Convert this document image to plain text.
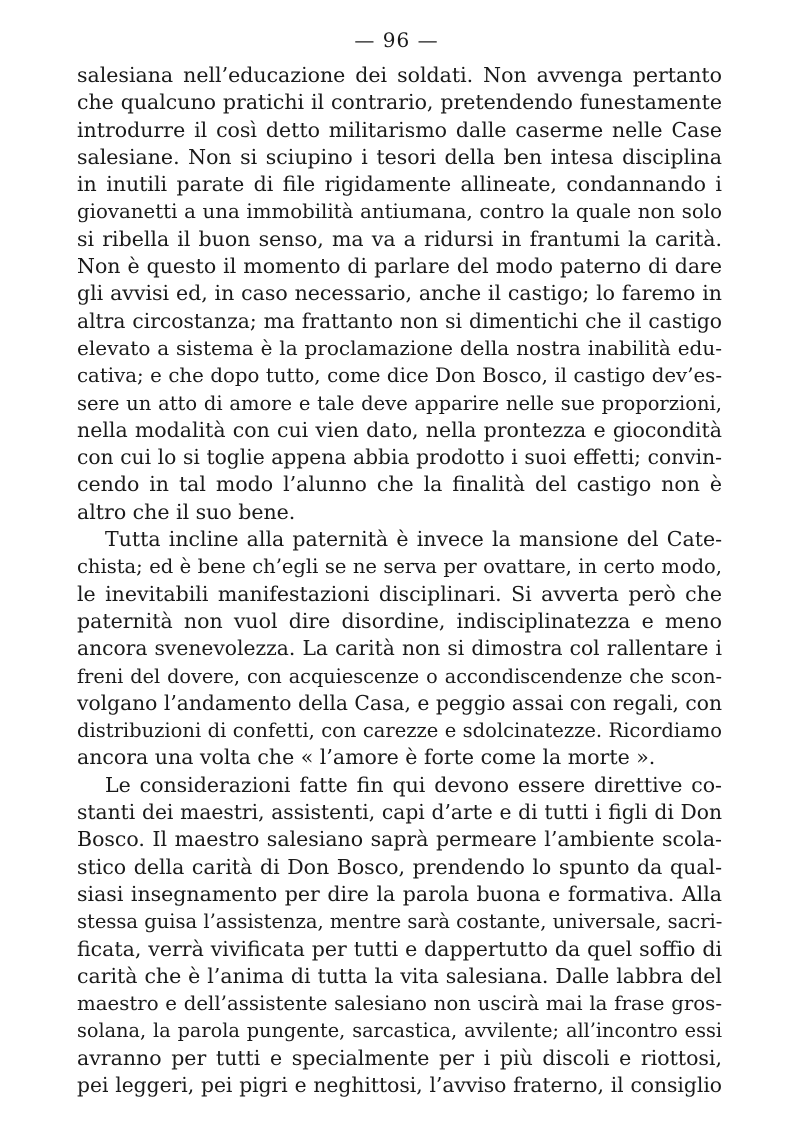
— 96 —
salesiana nell’educazione dei soldati. Non avvenga pertanto
che qualcuno pratichi il contrario, pretendendo funestamente
introdurre il così detto militarismo dalle caserme nelle Case
salesiane. Non si sciupino i tesori della ben intesa disciplina
in inutili parate di file rigidamente allineate, condannando i
giovanetti a una immobilità antiumana, contro la quale non solo
si ribella il buon senso, ma va a ridursi in frantumi la carità.
Non è questo il momento di parlare del modo paterno di dare
gli avvisi ed, in caso necessario, anche il castigo; lo faremo in
altra circostanza; ma frattanto non si dimentichi che il castigo
elevato a sistema è la proclamazione della nostra inabilità edu-
cativa; e che dopo tutto, come dice Don Bosco, il castigo dev’es-
sere un atto di amore e tale deve apparire nelle sue proporzioni,
nella modalità con cui vien dato, nella prontezza e giocondità
con cui lo si toglie appena abbia prodotto i suoi effetti; convin-
cendo in tal modo l’alunno che la finalità del castigo non è
altro che il suo bene.
Tutta incline alla paternità è invece la mansione del Cate-
chista; ed è bene ch’egli se ne serva per ovattare, in certo modo,
le inevitabili manifestazioni disciplinari. Si avverta però che
paternità non vuol dire disordine, indisciplinatezza e meno
ancora svenevolezza. La carità non si dimostra col rallentare i
freni del dovere, con acquiescenze o accondiscendenze che scon-
volgano l’andamento della Casa, e peggio assai con regali, con
distribuzioni di confetti, con carezze e sdolcinatezze. Ricordiamo
ancora una volta che « l’amore è forte come la morte ».
Le considerazioni fatte fin qui devono essere direttive co-
stanti dei maestri, assistenti, capi d’arte e di tutti i figli di Don
Bosco. Il maestro salesiano saprà permeare l’ambiente scola-
stico della carità di Don Bosco, prendendo lo spunto da qual-
siasi insegnamento per dire la parola buona e formativa. Alla
stessa guisa l’assistenza, mentre sarà costante, universale, sacri-
ficata, verrà vivificata per tutti e dappertutto da quel soffio di
carità che è l’anima di tutta la vita salesiana. Dalle labbra del
maestro e dell’assistente salesiano non uscirà mai la frase gros-
solana, la parola pungente, sarcastica, avvilente; all’incontro essi
avranno per tutti e specialmente per i più discoli e riottosi,
pei leggeri, pei pigri e neghittosi, l’avviso fraterno, il consiglio
